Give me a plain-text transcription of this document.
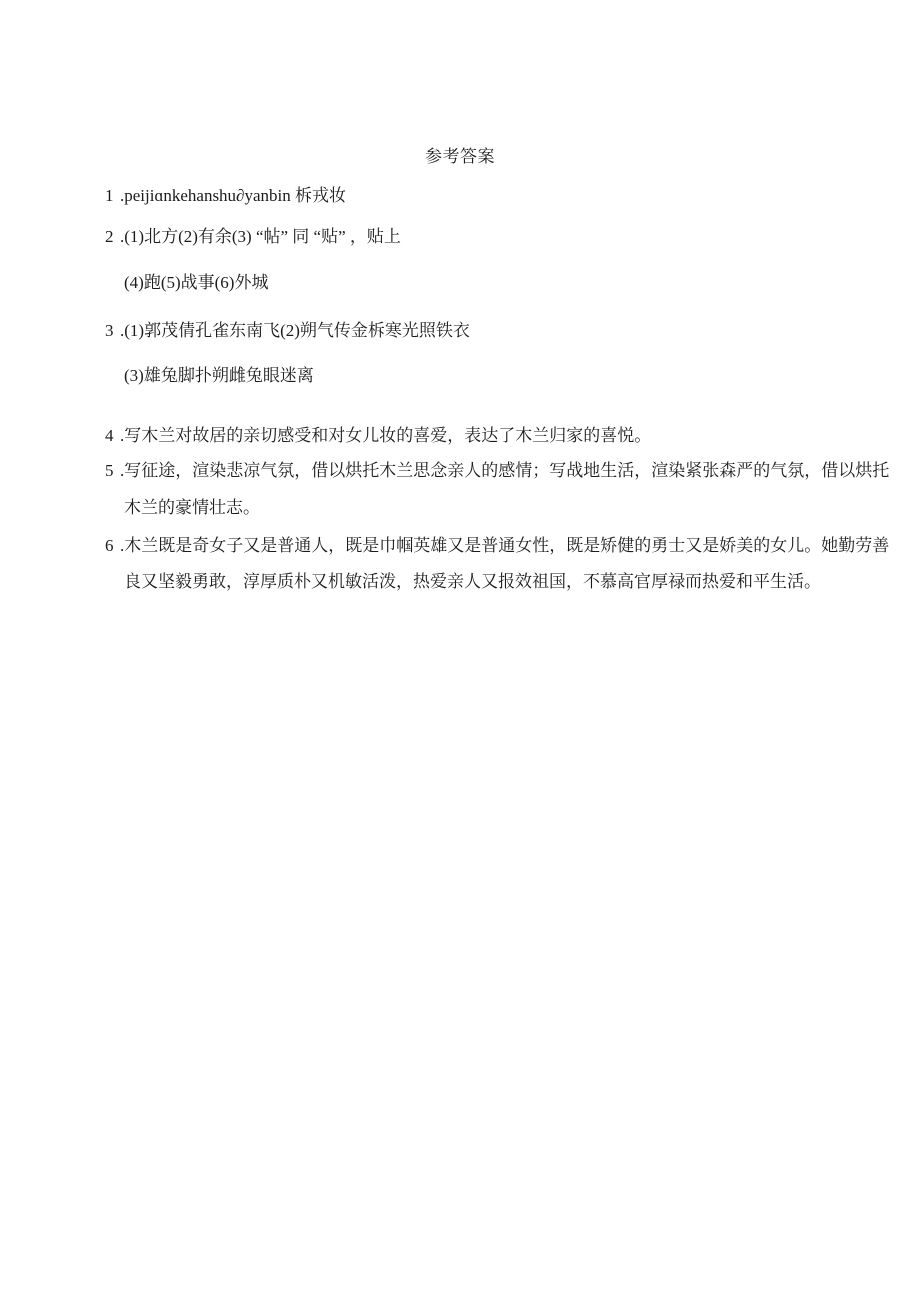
参考答案
1 .peijiɑnkehanshu∂yanbin 柝戎妆
2 .(1)北方(2)有余(3) “帖” 同 “贴” ，贴上
(4)跑(5)战事(6)外城
3 .(1)郭茂倩孔雀东南飞(2)朔气传金柝寒光照铁衣
(3)雄兔脚扑朔雌兔眼迷离
4 .写木兰对故居的亲切感受和对女儿妆的喜爱，表达了木兰归家的喜悦。
5 .写征途，渲染悲凉气氛，借以烘托木兰思念亲人的感情；写战地生活，渲染紧张森严的气氛，借以烘托
木兰的豪情壮志。
6 .木兰既是奇女子又是普通人，既是巾帼英雄又是普通女性，既是矫健的勇士又是娇美的女儿。她勤劳善
良又坚毅勇敢，淳厚质朴又机敏活泼，热爱亲人又报效祖国，不慕高官厚禄而热爱和平生活。
